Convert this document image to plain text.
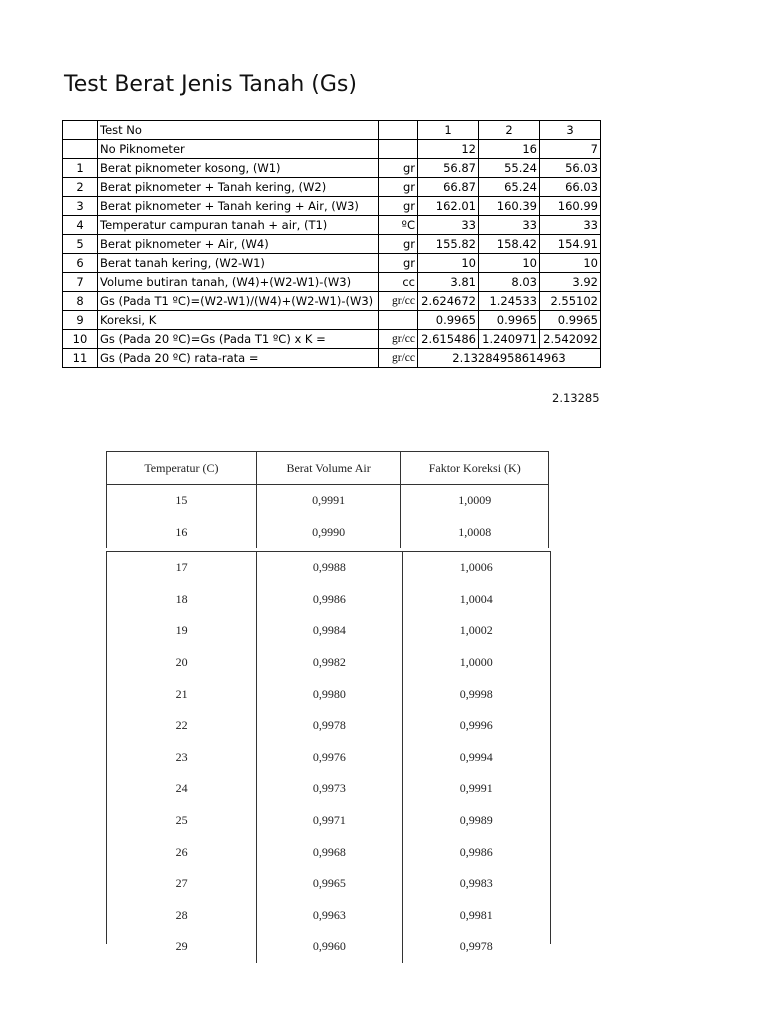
Test Berat Jenis Tanah (Gs)
	Test No		1	2	3
	No Piknometer		12	16	7
1	Berat piknometer kosong, (W1)	gr	56.87	55.24	56.03
2	Berat piknometer + Tanah kering, (W2)	gr	66.87	65.24	66.03
3	Berat piknometer + Tanah kering + Air, (W3)	gr	162.01	160.39	160.99
4	Temperatur campuran tanah + air, (T1)	ºC	33	33	33
5	Berat piknometer + Air, (W4)	gr	155.82	158.42	154.91
6	Berat tanah kering, (W2-W1)	gr	10	10	10
7	Volume butiran tanah, (W4)+(W2-W1)-(W3)	cc	3.81	8.03	3.92
8	Gs (Pada T1 ºC)=(W2-W1)/(W4)+(W2-W1)-(W3)	gr/cc	2.624672	1.24533	2.55102
9	Koreksi, K		0.9965	0.9965	0.9965
10	Gs (Pada 20 ºC)=Gs (Pada T1 ºC) x K =	gr/cc	2.615486	1.240971	2.542092
11	Gs (Pada 20 ºC) rata-rata =	gr/cc	2.13284958614963		
2.13285
Temperatur (C)	Berat Volume Air	Faktor Koreksi (K)
15	0,9991	1,0009
16	0,9990	1,0008
17	0,9988	1,0006
18	0,9986	1,0004
19	0,9984	1,0002
20	0,9982	1,0000
21	0,9980	0,9998
22	0,9978	0,9996
23	0,9976	0,9994
24	0,9973	0,9991
25	0,9971	0,9989
26	0,9968	0,9986
27	0,9965	0,9983
28	0,9963	0,9981
29	0,9960	0,9978
